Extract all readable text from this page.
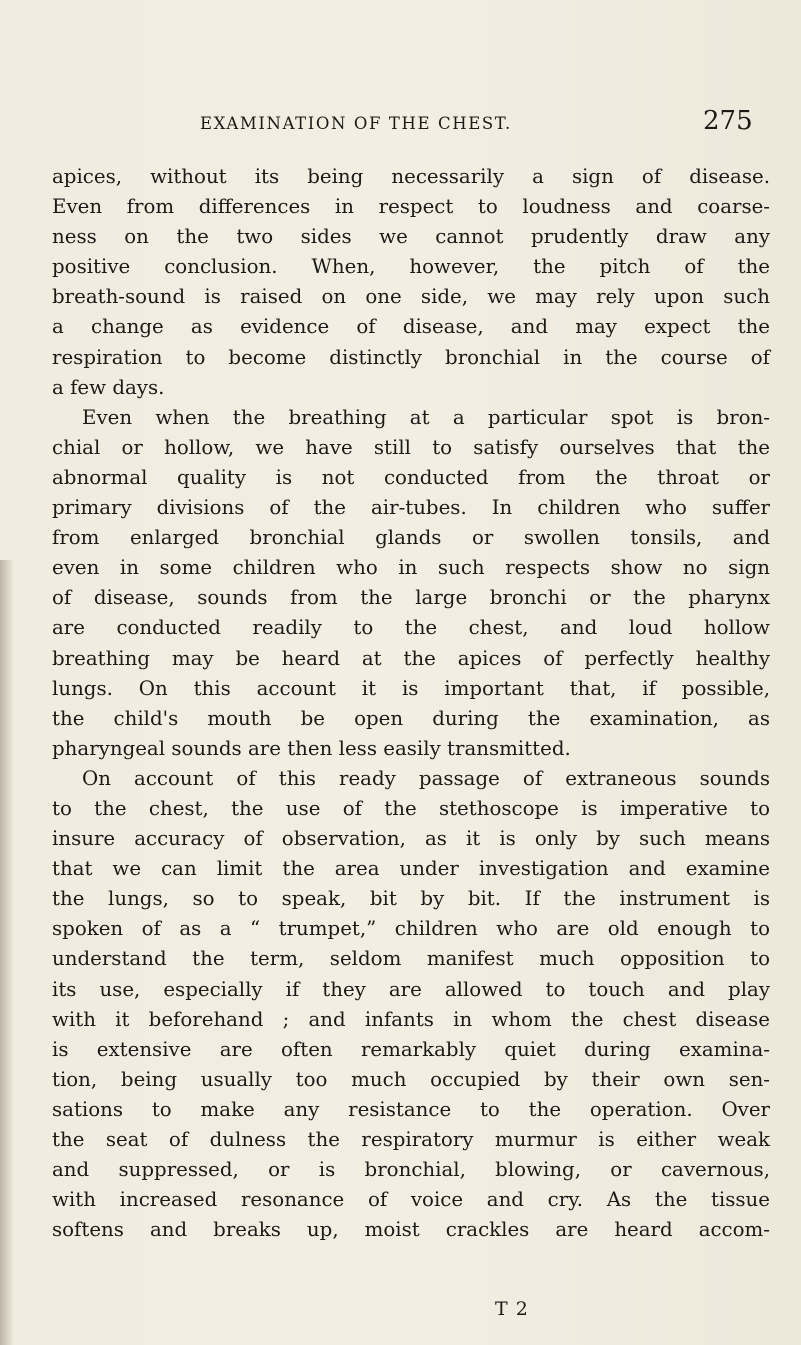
EXAMINATION OF THE CHEST.	275
apices, without its being necessarily a sign of disease.
Even from differences in respect to loudness and coarse-
ness on the two sides we cannot prudently draw any
positive conclusion. When, however, the pitch of the
breath-sound is raised on one side, we may rely upon such
a change as evidence of disease, and may expect the
respiration to become distinctly bronchial in the course of
a few days.
Even when the breathing at a particular spot is bron-
chial or hollow, we have still to satisfy ourselves that the
abnormal quality is not conducted from the throat or
primary divisions of the air-tubes. In children who suffer
from enlarged bronchial glands or swollen tonsils, and
even in some children who in such respects show no sign
of disease, sounds from the large bronchi or the pharynx
are conducted readily to the chest, and loud hollow
breathing may be heard at the apices of perfectly healthy
lungs. On this account it is important that, if possible,
the child's mouth be open during the examination, as
pharyngeal sounds are then less easily transmitted.
On account of this ready passage of extraneous sounds
to the chest, the use of the stethoscope is imperative to
insure accuracy of observation, as it is only by such means
that we can limit the area under investigation and examine
the lungs, so to speak, bit by bit. If the instrument is
spoken of as a “ trumpet,” children who are old enough to
understand the term, seldom manifest much opposition to
its use, especially if they are allowed to touch and play
with it beforehand ; and infants in whom the chest disease
is extensive are often remarkably quiet during examina-
tion, being usually too much occupied by their own sen-
sations to make any resistance to the operation. Over
the seat of dulness the respiratory murmur is either weak
and suppressed, or is bronchial, blowing, or cavernous,
with increased resonance of voice and cry. As the tissue
softens and breaks up, moist crackles are heard accom-
T 2
